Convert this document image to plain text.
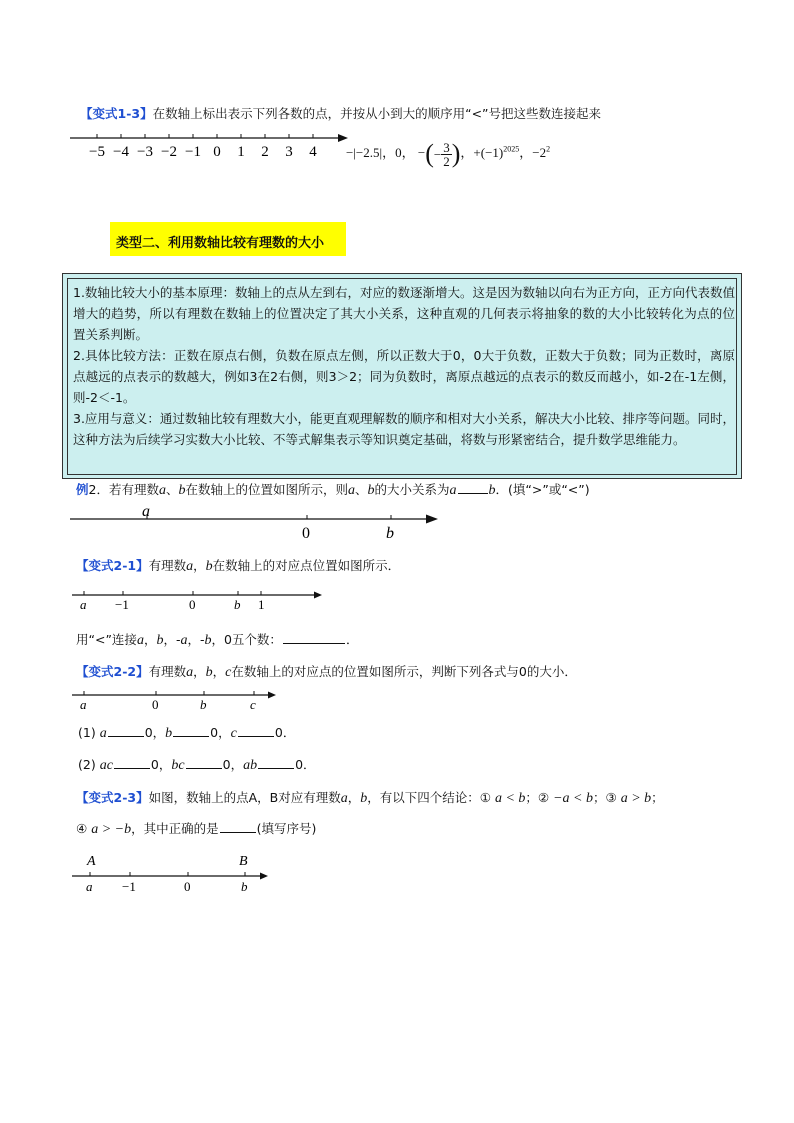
【变式1-3】在数轴上标出表示下列各数的点，并按从小到大的顺序用“<”号把这些数连接起来
−5 −4 −3 −2 −1 0 1 2 3 4 −|−2.5|，0， −(− $\frac{3}{2}$ )，$+(-1)^{2025}$，$-2^2$
类型二、利用数轴比较有理数的大小

1.数轴比较大小的基本原理：数轴上的点从左到右，对应的数逐渐增大。这是因为数轴以向右为正方向，正方向代表数值增大的趋势，所以有理数在数轴上的位置决定了其大小关系，这种直观的几何表示将抽象的数的大小比较转化为点的位置关系判断。

2.具体比较方法：正数在原点右侧，负数在原点左侧，所以正数大于0，0大于负数，正数大于负数；同为正数时，离原点越远的点表示的数越大，例如3在2右侧，则3＞2；同为负数时，离原点越远的点表示的数反而越小，如-2在-1左侧，则-2＜-1。

3.应用与意义：通过数轴比较有理数大小，能更直观理解数的顺序和相对大小关系，解决大小比较、排序等问题。同时，这种方法为后续学习实数大小比较、不等式解集表示等知识奠定基础，将数与形紧密结合，提升数学思维能力。

例2．若有理数a、b在数轴上的位置如图所示，则a、b的大小关系为a b．(填“>”或“<”)
a
0	b
【变式2-1】有理数a，b在数轴上的对应点位置如图所示．
a −1	0	b 1
用“<”连接a，b，-a，-b，0五个数：	．
【变式2-2】有理数a，b，c在数轴上的对应点的位置如图所示，判断下列各式与0的大小．
a	0	b	c
(1) a	0，b	0，c	0．
(2) ac	0，bc	0，ab	0．
【变式2-3】如图，数轴上的点A，B对应有理数a，b，有以下四个结论：① a < b；② −a < b；③ a > b；
④ a > −b，其中正确的是	(填写序号)
A	B
a −1	0	b
